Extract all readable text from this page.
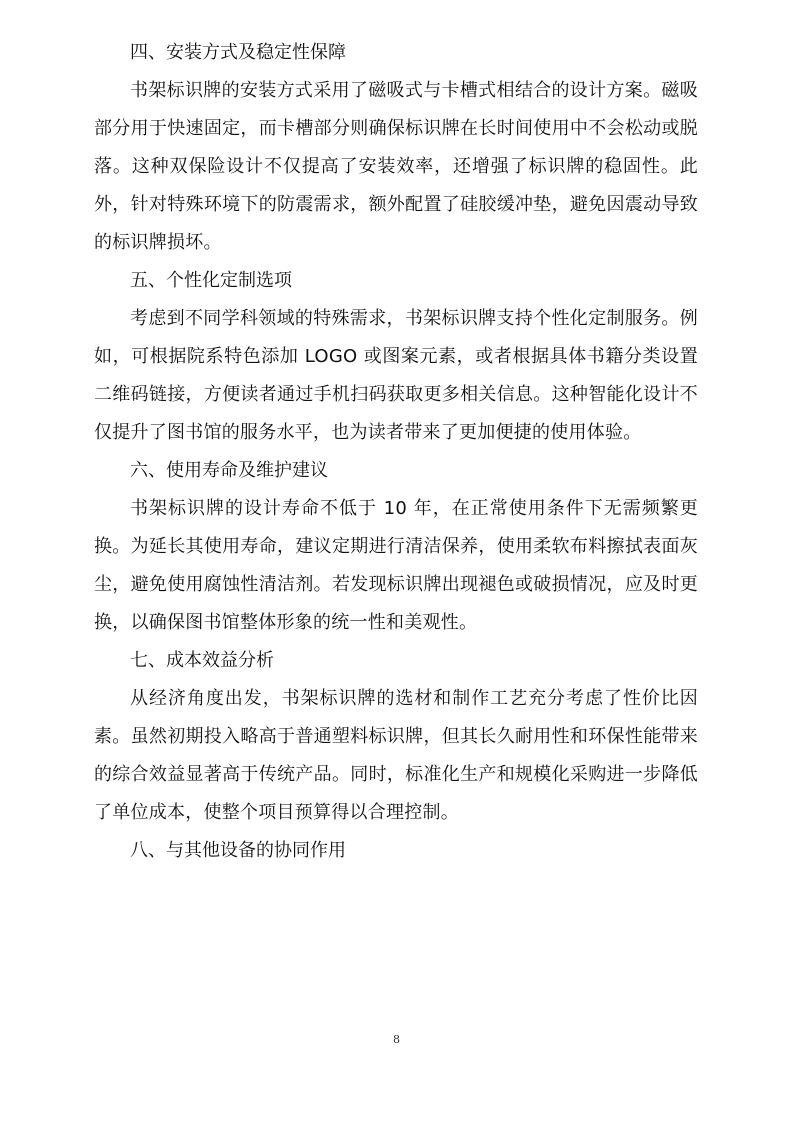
四、安装方式及稳定性保障

书架标识牌的安装方式采用了磁吸式与卡槽式相结合的设计方案。磁吸部分用于快速固定，而卡槽部分则确保标识牌在长时间使用中不会松动或脱落。这种双保险设计不仅提高了安装效率，还增强了标识牌的稳固性。此外，针对特殊环境下的防震需求，额外配置了硅胶缓冲垫，避免因震动导致的标识牌损坏。

五、个性化定制选项

考虑到不同学科领域的特殊需求，书架标识牌支持个性化定制服务。例如，可根据院系特色添加 LOGO 或图案元素，或者根据具体书籍分类设置二维码链接，方便读者通过手机扫码获取更多相关信息。这种智能化设计不仅提升了图书馆的服务水平，也为读者带来了更加便捷的使用体验。

六、使用寿命及维护建议

书架标识牌的设计寿命不低于 10 年，在正常使用条件下无需频繁更换。为延长其使用寿命，建议定期进行清洁保养，使用柔软布料擦拭表面灰尘，避免使用腐蚀性清洁剂。若发现标识牌出现褪色或破损情况，应及时更换，以确保图书馆整体形象的统一性和美观性。

七、成本效益分析

从经济角度出发，书架标识牌的选材和制作工艺充分考虑了性价比因素。虽然初期投入略高于普通塑料标识牌，但其长久耐用性和环保性能带来的综合效益显著高于传统产品。同时，标准化生产和规模化采购进一步降低了单位成本，使整个项目预算得以合理控制。

八、与其他设备的协同作用

8
